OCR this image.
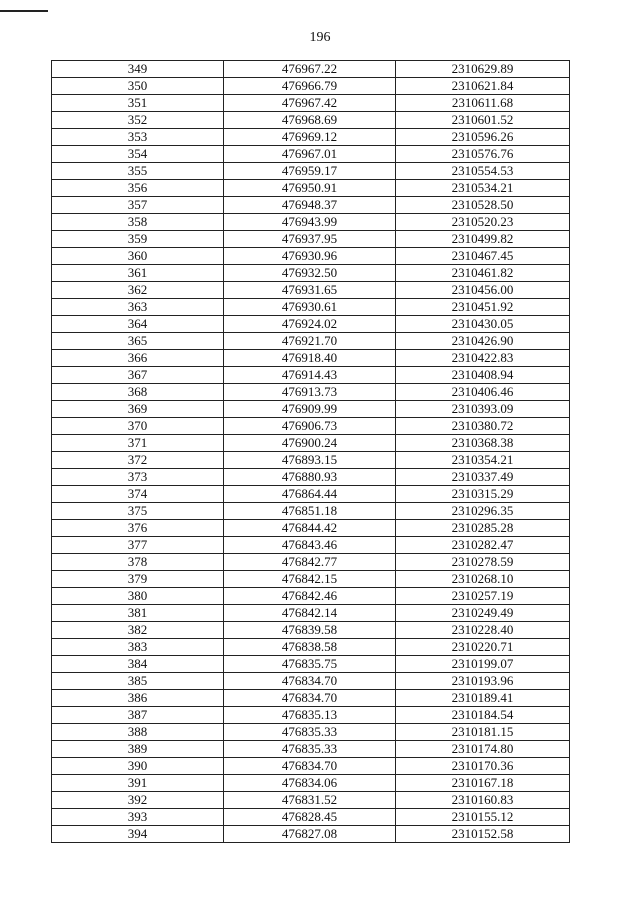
196
349	476967.22	2310629.89
350	476966.79	2310621.84
351	476967.42	2310611.68
352	476968.69	2310601.52
353	476969.12	2310596.26
354	476967.01	2310576.76
355	476959.17	2310554.53
356	476950.91	2310534.21
357	476948.37	2310528.50
358	476943.99	2310520.23
359	476937.95	2310499.82
360	476930.96	2310467.45
361	476932.50	2310461.82
362	476931.65	2310456.00
363	476930.61	2310451.92
364	476924.02	2310430.05
365	476921.70	2310426.90
366	476918.40	2310422.83
367	476914.43	2310408.94
368	476913.73	2310406.46
369	476909.99	2310393.09
370	476906.73	2310380.72
371	476900.24	2310368.38
372	476893.15	2310354.21
373	476880.93	2310337.49
374	476864.44	2310315.29
375	476851.18	2310296.35
376	476844.42	2310285.28
377	476843.46	2310282.47
378	476842.77	2310278.59
379	476842.15	2310268.10
380	476842.46	2310257.19
381	476842.14	2310249.49
382	476839.58	2310228.40
383	476838.58	2310220.71
384	476835.75	2310199.07
385	476834.70	2310193.96
386	476834.70	2310189.41
387	476835.13	2310184.54
388	476835.33	2310181.15
389	476835.33	2310174.80
390	476834.70	2310170.36
391	476834.06	2310167.18
392	476831.52	2310160.83
393	476828.45	2310155.12
394	476827.08	2310152.58
